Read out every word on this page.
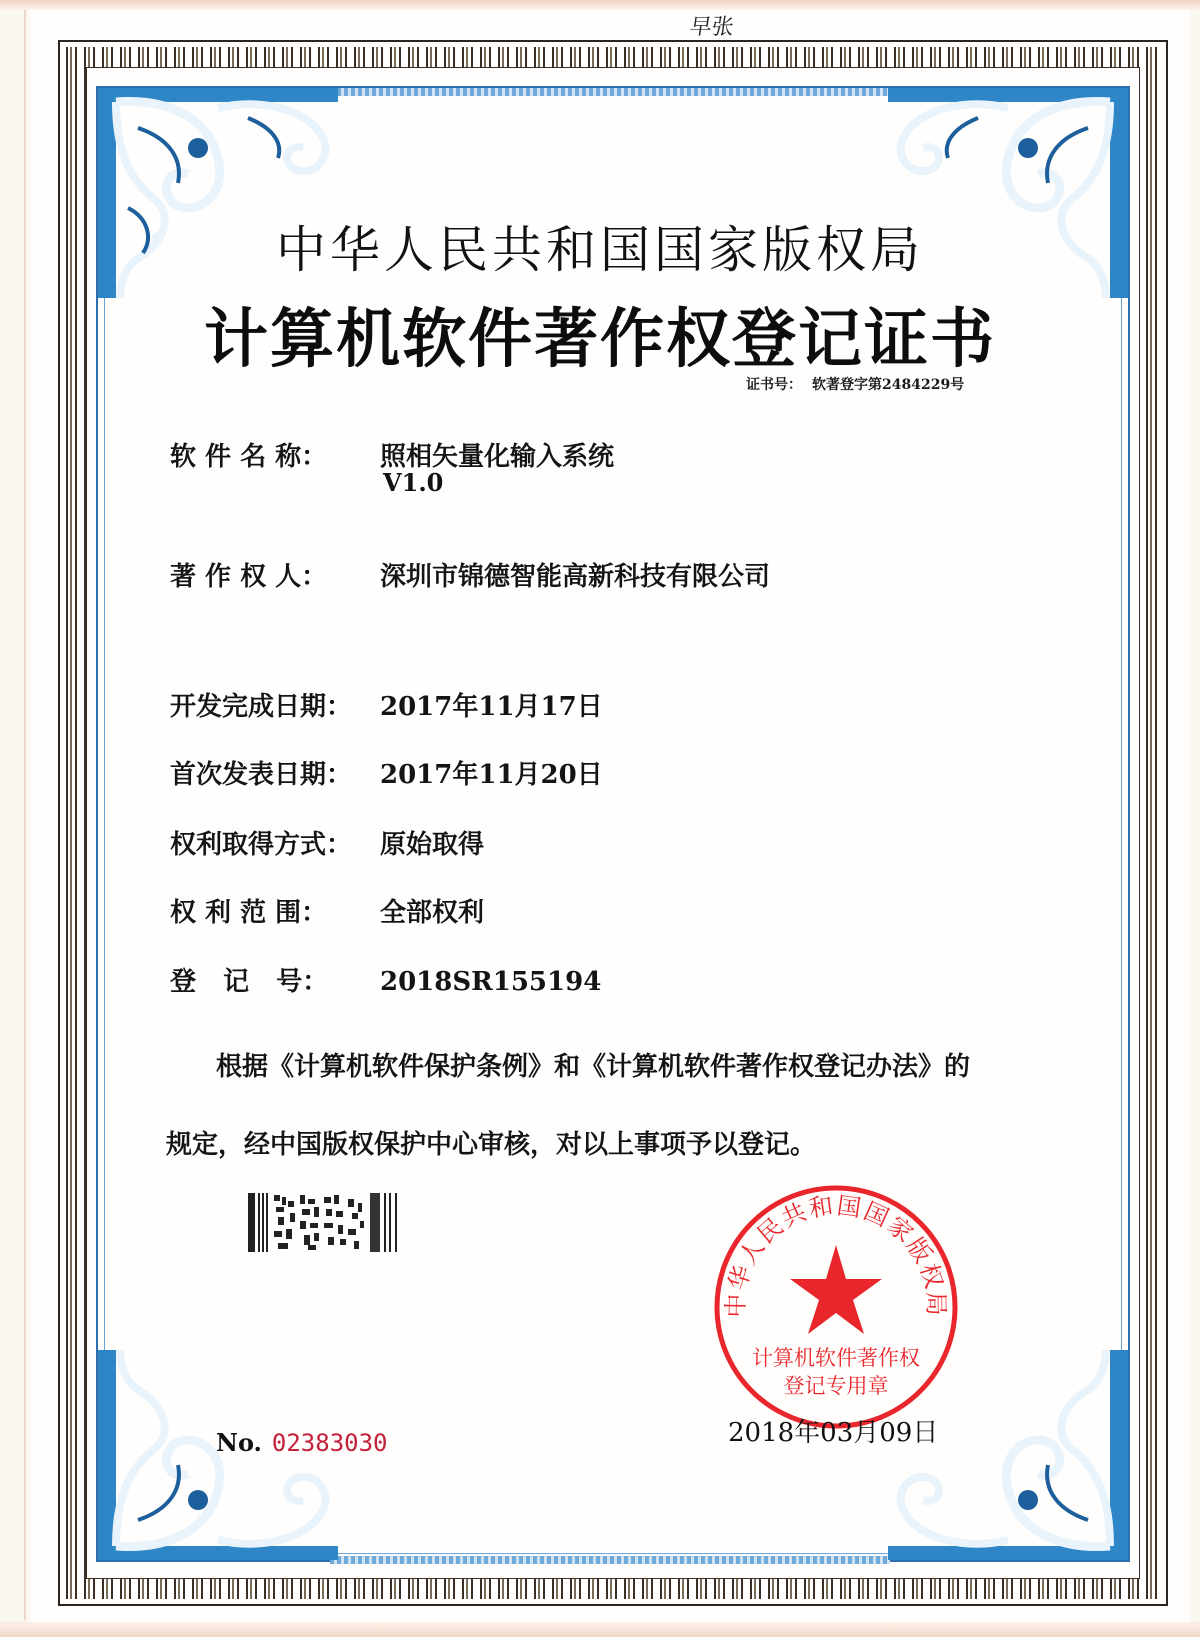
早张
中华人民共和国国家版权局
计算机软件著作权登记证书
证书号： 软著登字第2484229号
软 件 名 称： 照相矢量化输入系统
V1.0
著 作 权 人： 深圳市锦德智能高新科技有限公司
开发完成日期： 2017年11月17日
首次发表日期： 2017年11月20日
权利取得方式： 原始取得
权 利 范 围： 全部权利
登   记   号： 2018SR155194
根据《计算机软件保护条例》和《计算机软件著作权登记办法》的
规定，经中国版权保护中心审核，对以上事项予以登记。
中华人民共和国国家版权局
计算机软件著作权
登记专用章
2018年03月09日
No. 02383030
